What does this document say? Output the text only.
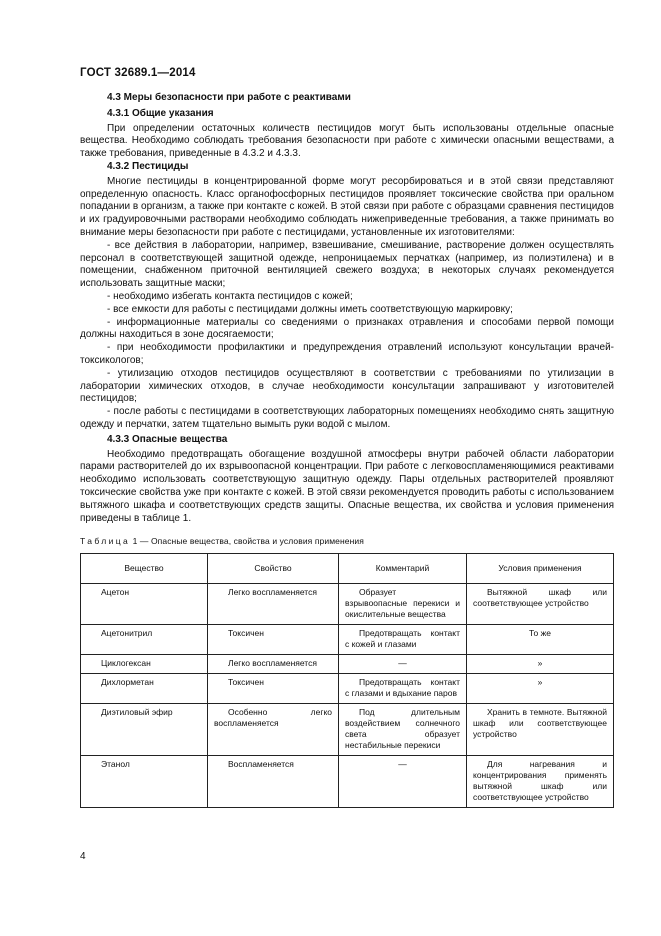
ГОСТ 32689.1—2014
4.3 Меры безопасности при работе с реактивами
4.3.1 Общие указания

При определении остаточных количеств пестицидов могут быть использованы отдельные опасные вещества. Необходимо соблюдать требования безопасности при работе с химически опасными веществами, а также требования, приведенные в 4.3.2 и 4.3.3.

4.3.2 Пестициды

Многие пестициды в концентрированной форме могут ресорбироваться и в этой связи представляют определенную опасность. Класс органофосфорных пестицидов проявляет токсические свойства при оральном попадании в организм, а также при контакте с кожей. В этой связи при работе с образцами сравнения пестицидов и их градуировочными растворами необходимо соблюдать нижеприведенные требования, а также принимать во внимание меры безопасности при работе с пестицидами, установленные их изготовителями:

- все действия в лаборатории, например, взвешивание, смешивание, растворение должен осуществлять персонал в соответствующей защитной одежде, непроницаемых перчатках (например, из полиэтилена) и в помещении, снабженном приточной вентиляцией свежего воздуха; в некоторых случаях рекомендуется использовать защитные маски;

- необходимо избегать контакта пестицидов с кожей;

- все емкости для работы с пестицидами должны иметь соответствующую маркировку;

- информационные материалы со сведениями о признаках отравления и способами первой помощи должны находиться в зоне досягаемости;

- при необходимости профилактики и предупреждения отравлений используют консультации врачей-токсикологов;

- утилизацию отходов пестицидов осуществляют в соответствии с требованиями по утилизации в лаборатории химических отходов, в случае необходимости консультации запрашивают у изготовителей пестицидов;

- после работы с пестицидами в соответствующих лабораторных помещениях необходимо снять защитную одежду и перчатки, затем тщательно вымыть руки водой с мылом.

4.3.3 Опасные вещества

Необходимо предотвращать обогащение воздушной атмосферы внутри рабочей области лаборатории парами растворителей до их взрывоопасной концентрации. При работе с легковоспламеняющимися реактивами необходимо использовать соответствующую защитную одежду. Пары отдельных растворителей проявляют токсические свойства уже при контакте с кожей. В этой связи рекомендуется проводить работы с использованием вытяжного шкафа и соответствующих средств защиты. Опасные вещества, их свойства и условия применения приведены в таблице 1.

Таблица 1 — Опасные вещества, свойства и условия применения
Вещество	Свойство	Комментарий	Условия применения
Ацетон	Легко воспламеняется	Образует взрывоопасные перекиси и окислительные вещества	Вытяжной шкаф или соответствующее устройство
Ацетонитрил	Токсичен	Предотвращать контакт с кожей и глазами	То же
Циклогексан	Легко воспламеняется	—	»
Дихлорметан	Токсичен	Предотвращать контакт с глазами и вдыхание паров	»
Диэтиловый эфир	Особенно легко воспламеняется	Под длительным воздействием солнечного света образует нестабильные перекиси	Хранить в темноте. Вытяжной шкаф или соответствующее устройство
Этанол	Воспламеняется	—	Для нагревания и концентрирования применять вытяжной шкаф или соответствующее устройство
4
